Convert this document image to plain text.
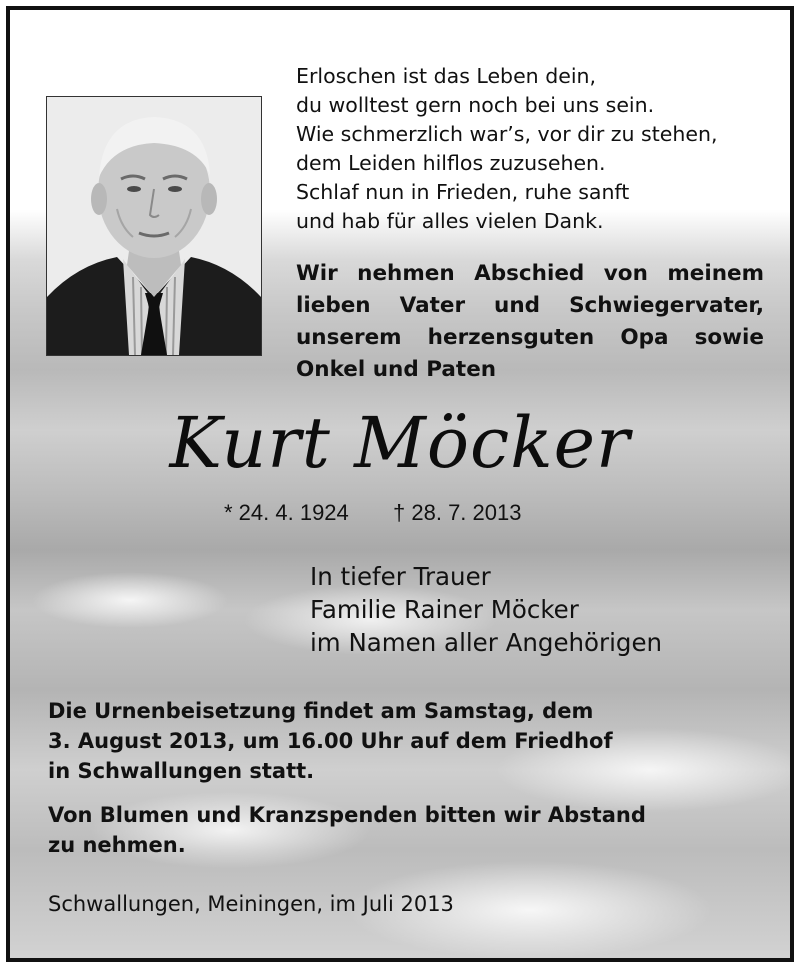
Erloschen ist das Leben dein,
du wolltest gern noch bei uns sein.
Wie schmerzlich war’s, vor dir zu stehen,
dem Leiden hilflos zuzusehen.
Schlaf nun in Frieden, ruhe sanft
und hab für alles vielen Dank.
Wir nehmen Abschied von meinem
lieben Vater und Schwiegervater,
unserem herzensguten Opa sowie
Onkel und Paten
Kurt Möcker
* 24. 4. 1924 † 28. 7. 2013
In tiefer Trauer
Familie Rainer Möcker
im Namen aller Angehörigen
Die Urnenbeisetzung findet am Samstag, dem
3. August 2013, um 16.00 Uhr auf dem Friedhof
in Schwallungen statt.
Von Blumen und Kranzspenden bitten wir Abstand
zu nehmen.
Schwallungen, Meiningen, im Juli 2013
